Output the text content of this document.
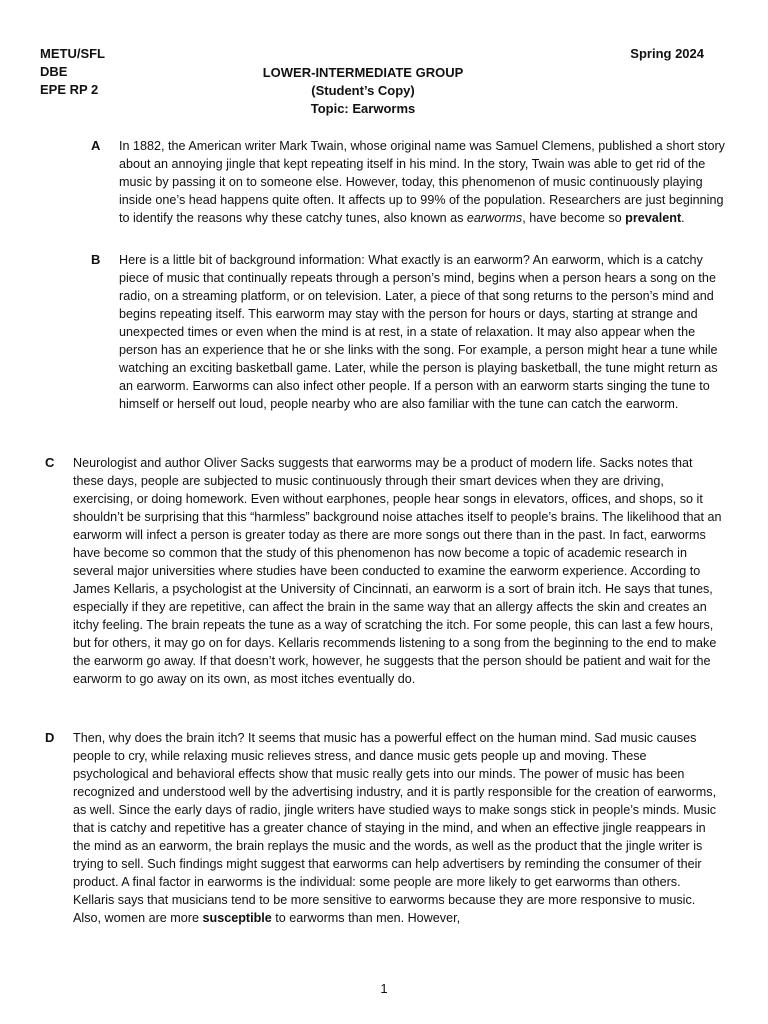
METU/SFL
DBE
EPE RP 2
Spring 2024
LOWER-INTERMEDIATE GROUP
(Student’s Copy)
Topic: Earworms
A In 1882, the American writer Mark Twain, whose original name was Samuel Clemens, published a short story about an annoying jingle that kept repeating itself in his mind. In the story, Twain was able to get rid of the music by passing it on to someone else. However, today, this phenomenon of music continuously playing inside one’s head happens quite often. It affects up to 99% of the population. Researchers are just beginning to identify the reasons why these catchy tunes, also known as earworms, have become so prevalent.
B Here is a little bit of background information: What exactly is an earworm? An earworm, which is a catchy piece of music that continually repeats through a person’s mind, begins when a person hears a song on the radio, on a streaming platform, or on television. Later, a piece of that song returns to the person’s mind and begins repeating itself. This earworm may stay with the person for hours or days, starting at strange and unexpected times or even when the mind is at rest, in a state of relaxation. It may also appear when the person has an experience that he or she links with the song. For example, a person might hear a tune while watching an exciting basketball game. Later, while the person is playing basketball, the tune might return as an earworm. Earworms can also infect other people. If a person with an earworm starts singing the tune to himself or herself out loud, people nearby who are also familiar with the tune can catch the earworm.
C Neurologist and author Oliver Sacks suggests that earworms may be a product of modern life. Sacks notes that these days, people are subjected to music continuously through their smart devices when they are driving, exercising, or doing homework. Even without earphones, people hear songs in elevators, offices, and shops, so it shouldn’t be surprising that this “harmless” background noise attaches itself to people’s brains. The likelihood that an earworm will infect a person is greater today as there are more songs out there than in the past. In fact, earworms have become so common that the study of this phenomenon has now become a topic of academic research in several major universities where studies have been conducted to examine the earworm experience. According to James Kellaris, a psychologist at the University of Cincinnati, an earworm is a sort of brain itch. He says that tunes, especially if they are repetitive, can affect the brain in the same way that an allergy affects the skin and creates an itchy feeling. The brain repeats the tune as a way of scratching the itch. For some people, this can last a few hours, but for others, it may go on for days. Kellaris recommends listening to a song from the beginning to the end to make the earworm go away. If that doesn’t work, however, he suggests that the person should be patient and wait for the earworm to go away on its own, as most itches eventually do.
D Then, why does the brain itch? It seems that music has a powerful effect on the human mind. Sad music causes people to cry, while relaxing music relieves stress, and dance music gets people up and moving. These psychological and behavioral effects show that music really gets into our minds. The power of music has been recognized and understood well by the advertising industry, and it is partly responsible for the creation of earworms, as well. Since the early days of radio, jingle writers have studied ways to make songs stick in people’s minds. Music that is catchy and repetitive has a greater chance of staying in the mind, and when an effective jingle reappears in the mind as an earworm, the brain replays the music and the words, as well as the product that the jingle writer is trying to sell. Such findings might suggest that earworms can help advertisers by reminding the consumer of their product. A final factor in earworms is the individual: some people are more likely to get earworms than others. Kellaris says that musicians tend to be more sensitive to earworms because they are more responsive to music. Also, women are more susceptible to earworms than men. However,
1
